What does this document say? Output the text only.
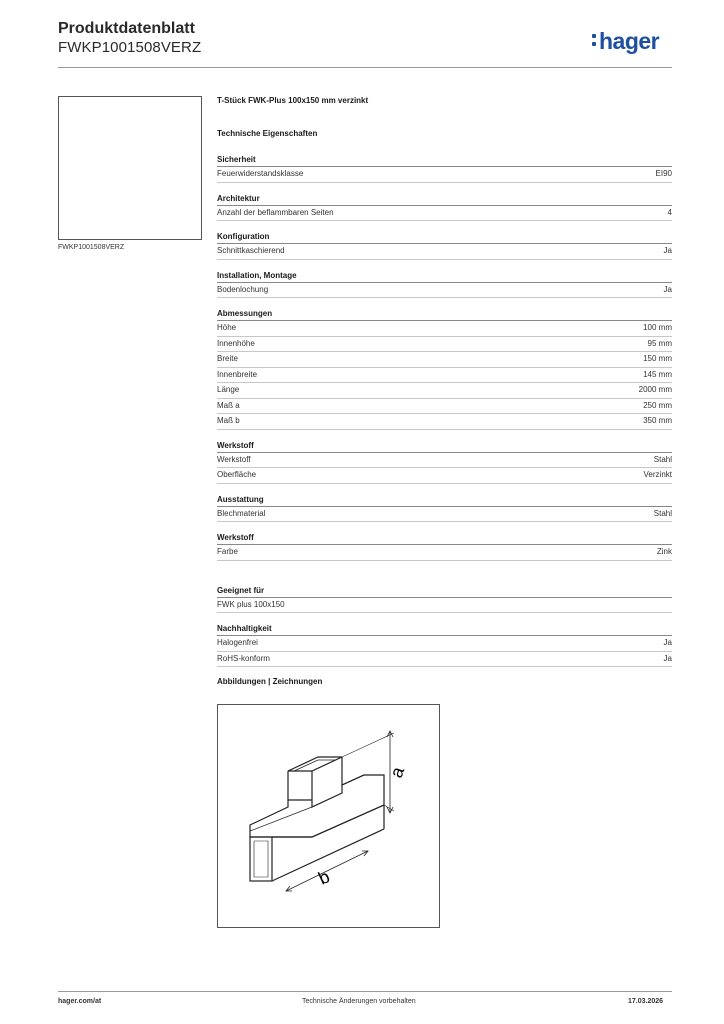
Produktdatenblatt
FWKP1001508VERZ	hager
FWKP1001508VERZ
T-Stück FWK-Plus 100x150 mm verzinkt
Technische Eigenschaften
Sicherheit
Feuerwiderstandsklasse	EI90
Architektur
Anzahl der beflammbaren Seiten	4
Konfiguration
Schnittkaschierend	Ja
Installation, Montage
Bodenlochung	Ja
Abmessungen
Höhe	100 mm
Innenhöhe	95 mm
Breite	150 mm
Innenbreite	145 mm
Länge	2000 mm
Maß a	250 mm
Maß b	350 mm
Werkstoff
Werkstoff	Stahl
Oberfläche	Verzinkt
Ausstattung
Blechmaterial	Stahl
Werkstoff
Farbe	Zink
Geeignet für
FWK plus 100x150
Nachhaltigkeit
Halogenfrei	Ja
RoHS-konform	Ja
Abbildungen | Zeichnungen
a
b
hager.com/at	Technische Änderungen vorbehalten	17.03.2026
